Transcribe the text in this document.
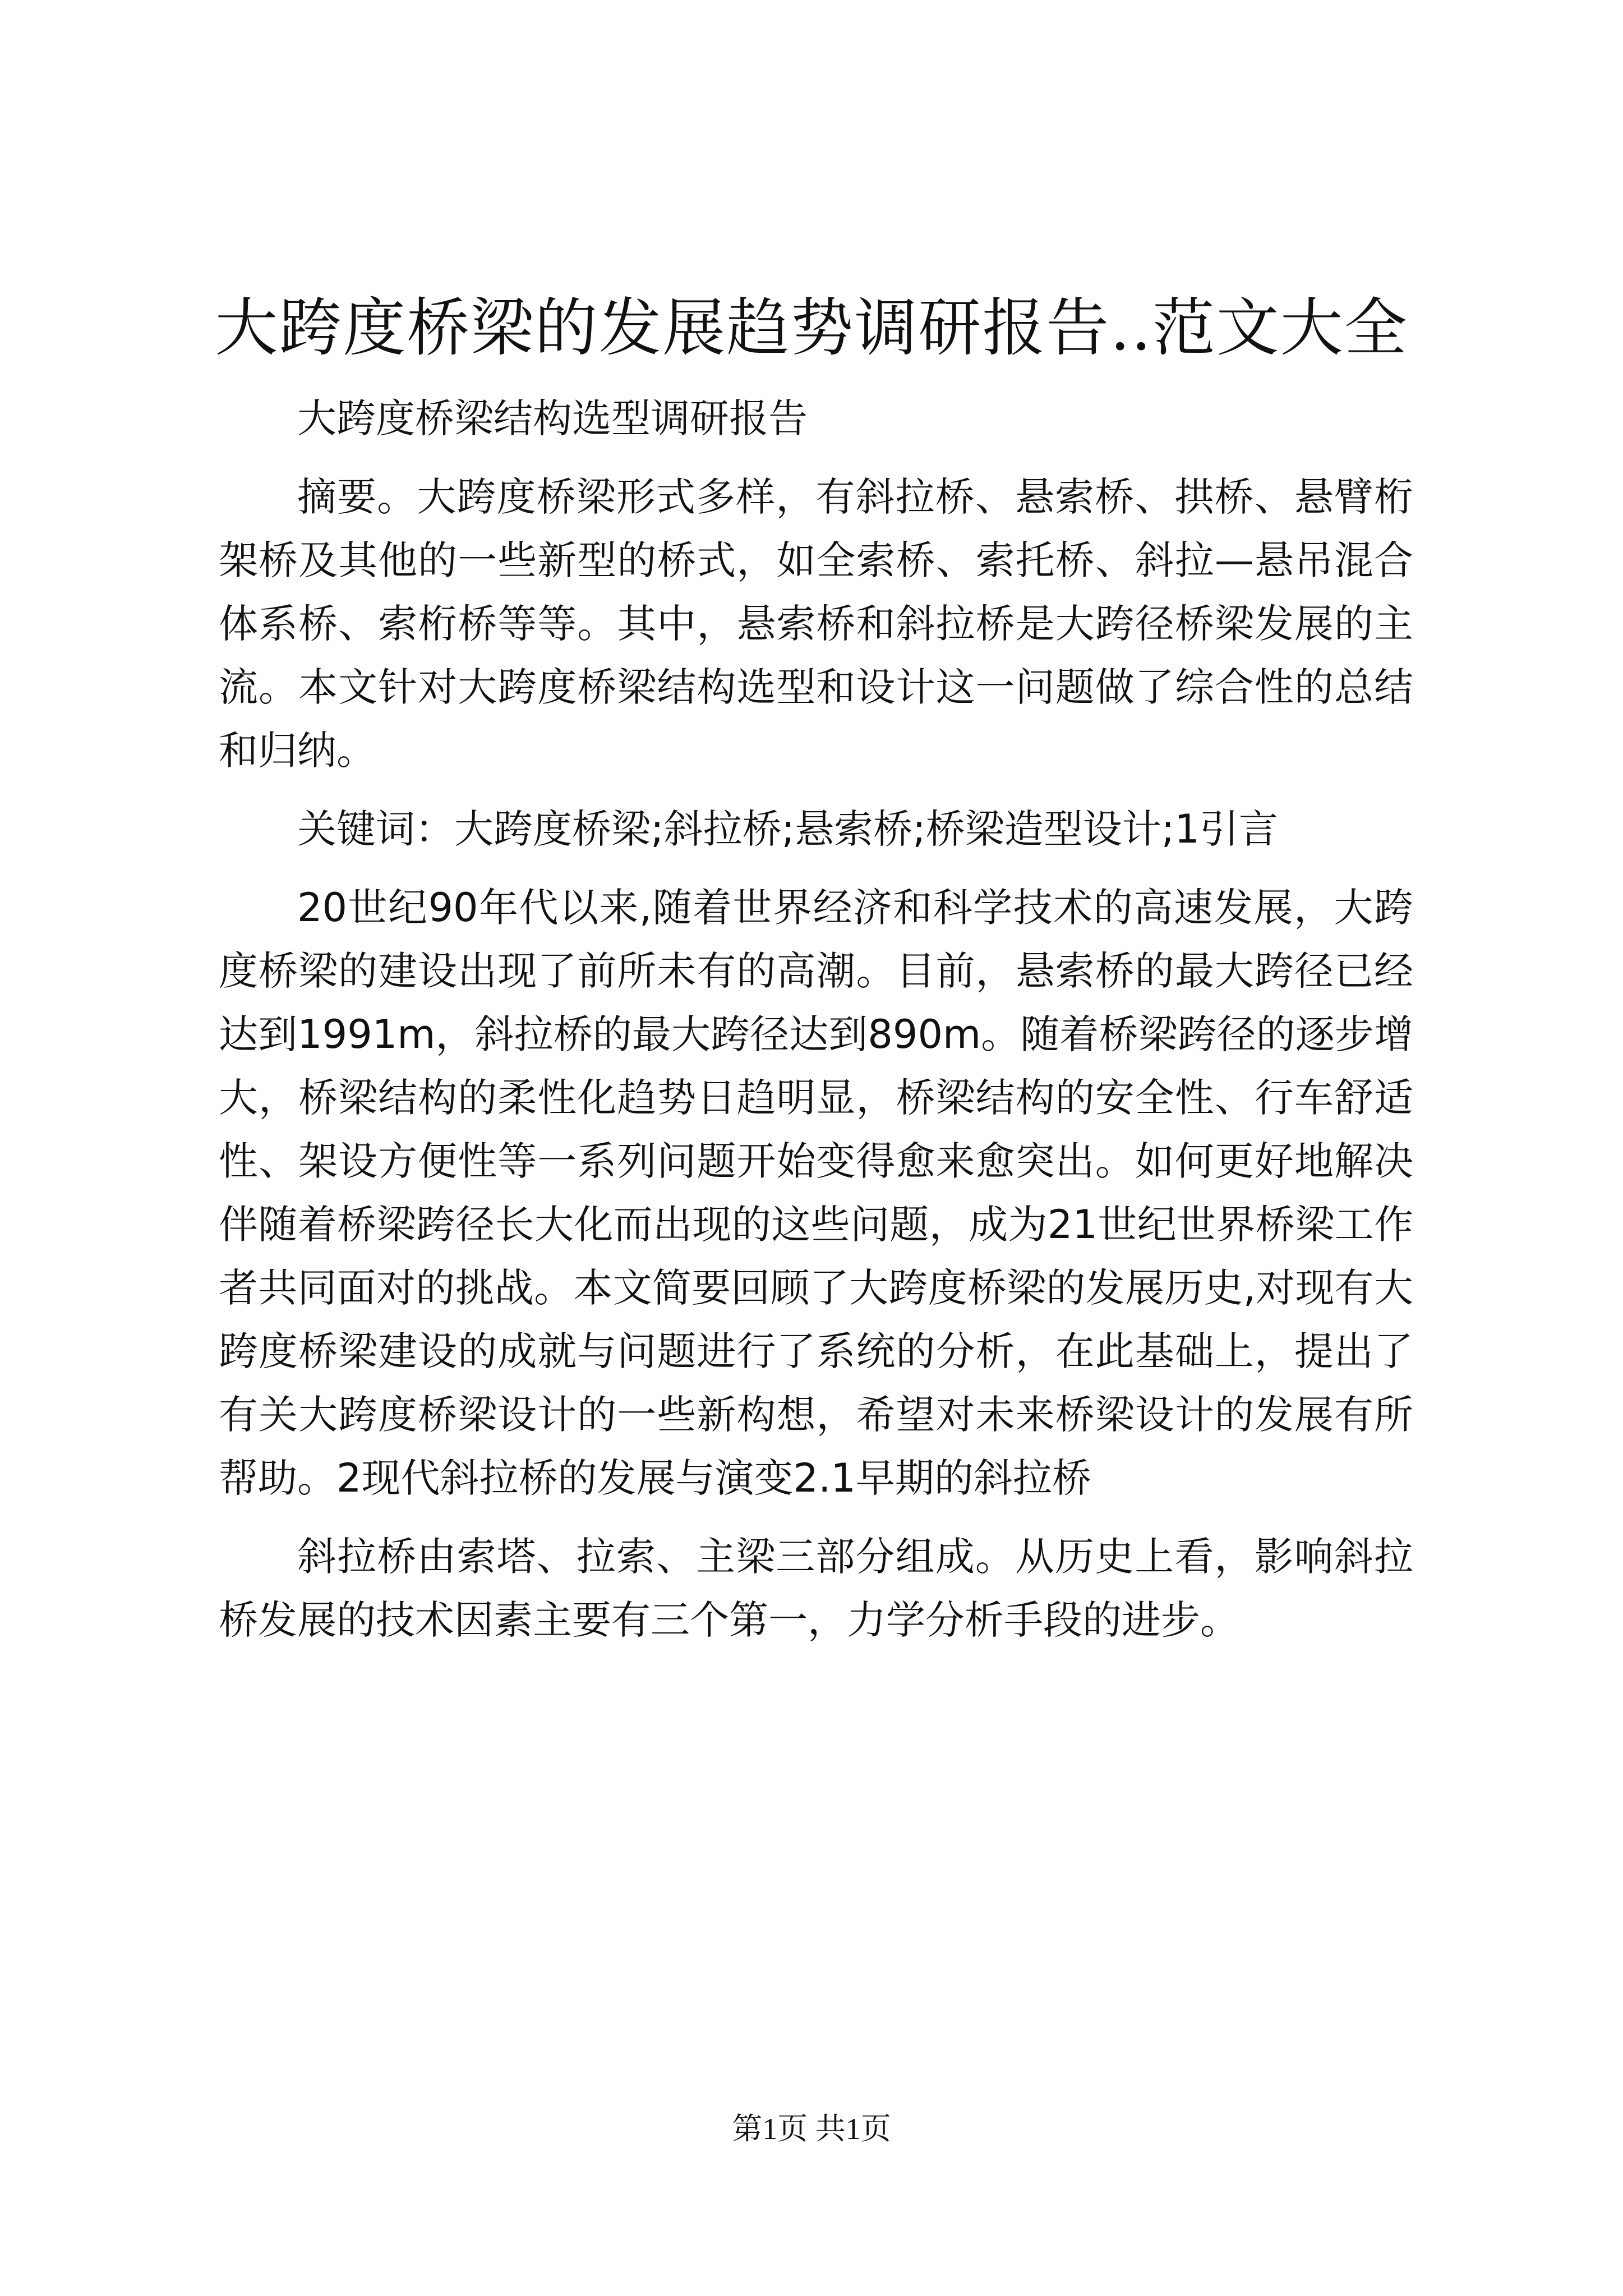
大跨度桥梁的发展趋势调研报告..范文大全

大跨度桥梁结构选型调研报告

摘要。大跨度桥梁形式多样，有斜拉桥、悬索桥、拱桥、悬臂桁架桥及其他的一些新型的桥式，如全索桥、索托桥、斜拉—悬吊混合体系桥、索桁桥等等。其中，悬索桥和斜拉桥是大跨径桥梁发展的主流。本文针对大跨度桥梁结构选型和设计这一问题做了综合性的总结和归纳。

关键词：大跨度桥梁;斜拉桥;悬索桥;桥梁造型设计;1引言

20世纪90年代以来,随着世界经济和科学技术的高速发展，大跨度桥梁的建设出现了前所未有的高潮。目前，悬索桥的最大跨径已经达到1991m，斜拉桥的最大跨径达到890m。随着桥梁跨径的逐步增大，桥梁结构的柔性化趋势日趋明显，桥梁结构的安全性、行车舒适性、架设方便性等一系列问题开始变得愈来愈突出。如何更好地解决伴随着桥梁跨径长大化而出现的这些问题，成为21世纪世界桥梁工作者共同面对的挑战。本文简要回顾了大跨度桥梁的发展历史,对现有大跨度桥梁建设的成就与问题进行了系统的分析，在此基础上，提出了有关大跨度桥梁设计的一些新构想，希望对未来桥梁设计的发展有所帮助。2现代斜拉桥的发展与演变2.1早期的斜拉桥

斜拉桥由索塔、拉索、主梁三部分组成。从历史上看，影响斜拉桥发展的技术因素主要有三个第一，力学分析手段的进步。

第1页 共1页
